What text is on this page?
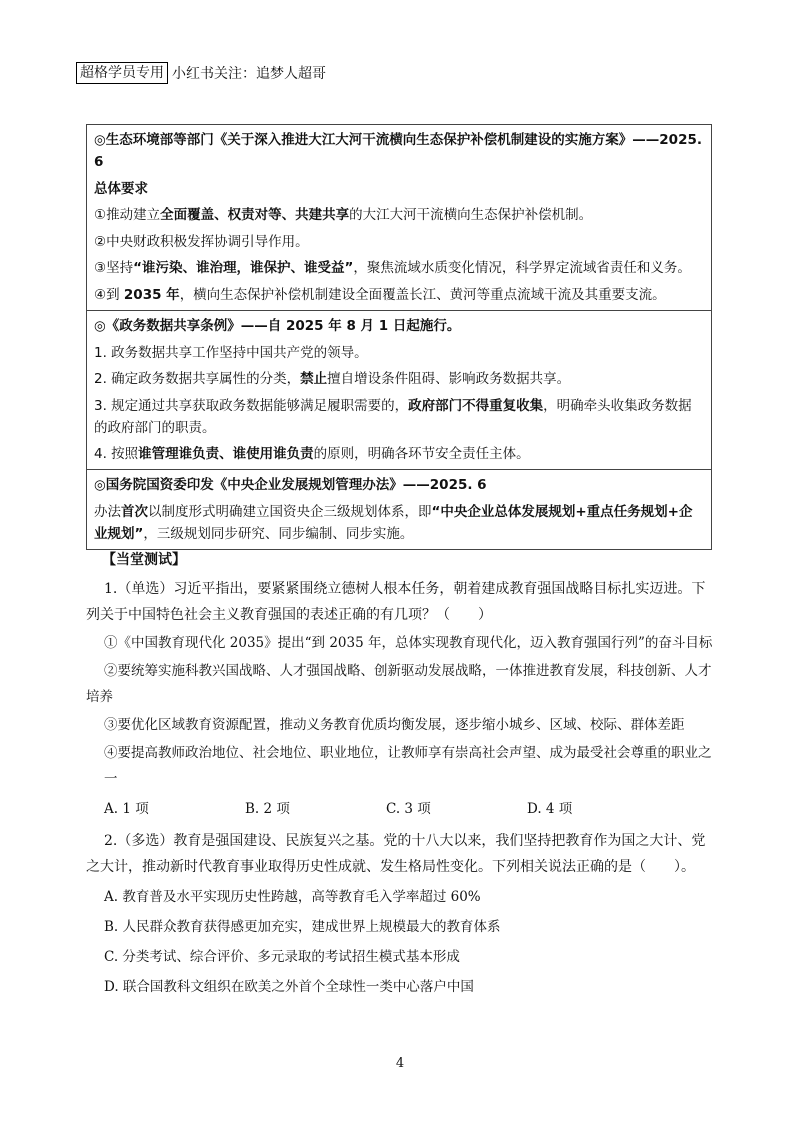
超格学员专用 小红书关注：追梦人超哥
◎生态环境部等部门《关于深入推进大江大河干流横向生态保护补偿机制建设的实施方案》——2025. 6
总体要求
①推动建立全面覆盖、权责对等、共建共享的大江大河干流横向生态保护补偿机制。
②中央财政积极发挥协调引导作用。
③坚持“谁污染、谁治理，谁保护、谁受益”，聚焦流域水质变化情况，科学界定流域省责任和义务。
④到 2035 年，横向生态保护补偿机制建设全面覆盖长江、黄河等重点流域干流及其重要支流。

◎《政务数据共享条例》——自 2025 年 8 月 1 日起施行。
1. 政务数据共享工作坚持中国共产党的领导。
2. 确定政务数据共享属性的分类，禁止擅自增设条件阻碍、影响政务数据共享。
3. 规定通过共享获取政务数据能够满足履职需要的，政府部门不得重复收集，明确牵头收集政务数据的政府部门的职责。
4. 按照谁管理谁负责、谁使用谁负责的原则，明确各环节安全责任主体。

◎国务院国资委印发《中央企业发展规划管理办法》——2025. 6
办法首次以制度形式明确建立国资央企三级规划体系，即“中央企业总体发展规划+重点任务规划+企业规划”，三级规划同步研究、同步编制、同步实施。
【当堂测试】

1.（单选）习近平指出，要紧紧围绕立德树人根本任务，朝着建成教育强国战略目标扎实迈进。下列关于中国特色社会主义教育强国的表述正确的有几项？（　　）

①《中国教育现代化 2035》提出“到 2035 年，总体实现教育现代化，迈入教育强国行列”的奋斗目标
②要统筹实施科教兴国战略、人才强国战略、创新驱动发展战略，一体推进教育发展，科技创新、人才培养
③要优化区域教育资源配置，推动义务教育优质均衡发展，逐步缩小城乡、区域、校际、群体差距
④要提高教师政治地位、社会地位、职业地位，让教师享有崇高社会声望、成为最受社会尊重的职业之一
A. 1 项	B. 2 项	C. 3 项	D. 4 项

2.（多选）教育是强国建设、民族复兴之基。党的十八大以来，我们坚持把教育作为国之大计、党之大计，推动新时代教育事业取得历史性成就、发生格局性变化。下列相关说法正确的是（　　）。

A. 教育普及水平实现历史性跨越，高等教育毛入学率超过 60%
B. 人民群众教育获得感更加充实，建成世界上规模最大的教育体系
C. 分类考试、综合评价、多元录取的考试招生模式基本形成
D. 联合国教科文组织在欧美之外首个全球性一类中心落户中国
4
